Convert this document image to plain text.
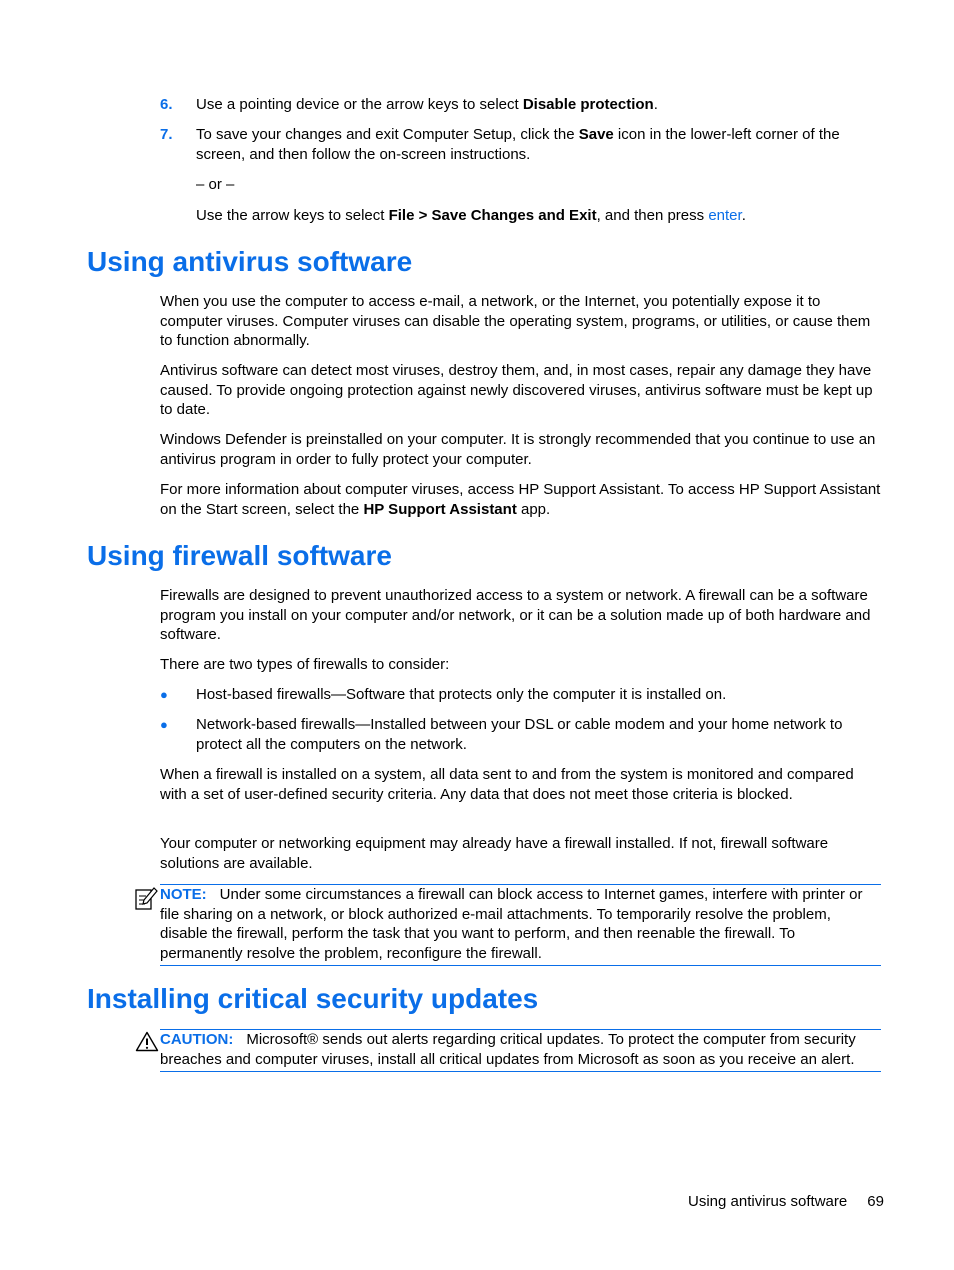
6. Use a pointing device or the arrow keys to select Disable protection.
7. To save your changes and exit Computer Setup, click the Save icon in the lower-left corner of the screen, and then follow the on-screen instructions.
– or –
Use the arrow keys to select File > Save Changes and Exit, and then press enter.
Using antivirus software

When you use the computer to access e-mail, a network, or the Internet, you potentially expose it to computer viruses. Computer viruses can disable the operating system, programs, or utilities, or cause them to function abnormally.

Antivirus software can detect most viruses, destroy them, and, in most cases, repair any damage they have caused. To provide ongoing protection against newly discovered viruses, antivirus software must be kept up to date.

Windows Defender is preinstalled on your computer. It is strongly recommended that you continue to use an antivirus program in order to fully protect your computer.

For more information about computer viruses, access HP Support Assistant. To access HP Support Assistant on the Start screen, select the HP Support Assistant app.

Using firewall software

Firewalls are designed to prevent unauthorized access to a system or network. A firewall can be a software program you install on your computer and/or network, or it can be a solution made up of both hardware and software.

There are two types of firewalls to consider:

● Host-based firewalls—Software that protects only the computer it is installed on.
● Network-based firewalls—Installed between your DSL or cable modem and your home network to protect all the computers on the network.

When a firewall is installed on a system, all data sent to and from the system is monitored and compared with a set of user-defined security criteria. Any data that does not meet those criteria is blocked.

Your computer or networking equipment may already have a firewall installed. If not, firewall software solutions are available.

NOTE: Under some circumstances a firewall can block access to Internet games, interfere with printer or file sharing on a network, or block authorized e-mail attachments. To temporarily resolve the problem, disable the firewall, perform the task that you want to perform, and then reenable the firewall. To permanently resolve the problem, reconfigure the firewall.
Installing critical security updates
CAUTION: Microsoft® sends out alerts regarding critical updates. To protect the computer from security breaches and computer viruses, install all critical updates from Microsoft as soon as you receive an alert.
Using antivirus software 69
